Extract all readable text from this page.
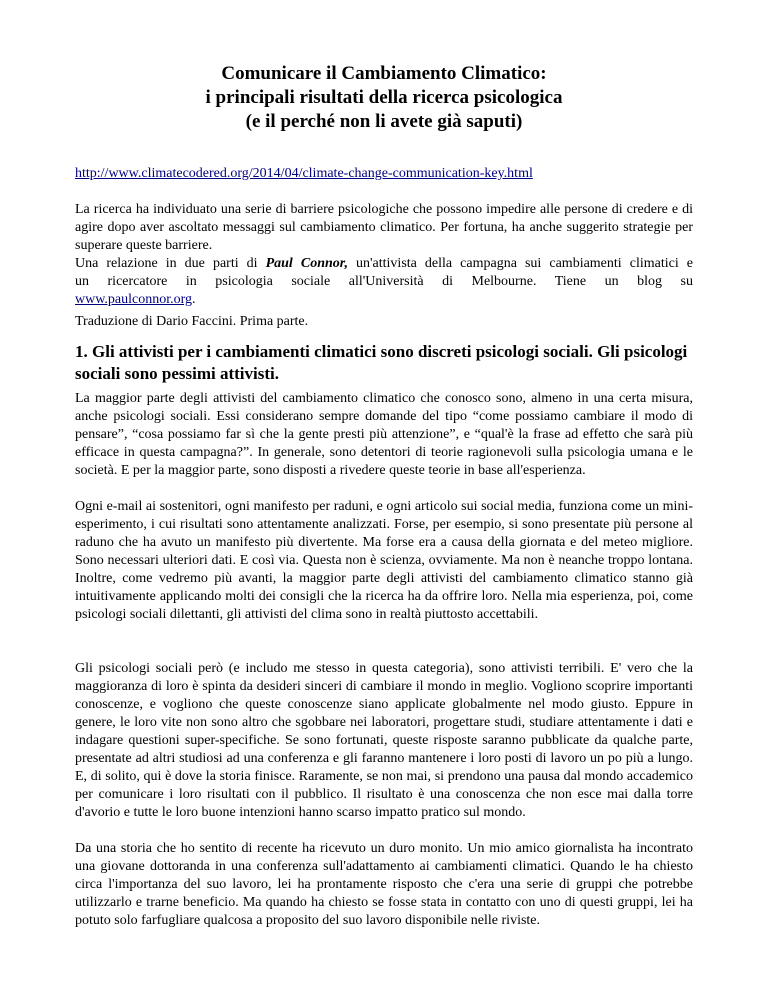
Comunicare il Cambiamento Climatico:
i principali risultati della ricerca psicologica
(e il perché non li avete già saputi)

http://www.climatecodered.org/2014/04/climate-change-communication-key.html

La ricerca ha individuato una serie di barriere psicologiche che possono impedire alle persone di credere e di agire dopo aver ascoltato messaggi sul cambiamento climatico. Per fortuna, ha anche suggerito strategie per superare queste barriere.

Una relazione in due parti di Paul Connor, un'attivista della campagna sui cambiamenti climatici e

un ricercatore in psicologia sociale all'Università di Melbourne. Tiene un blog su

www.paulconnor.org.

Traduzione di Dario Faccini. Prima parte.

1. Gli attivisti per i cambiamenti climatici sono discreti psicologi sociali. Gli psicologi sociali sono pessimi attivisti.

La maggior parte degli attivisti del cambiamento climatico che conosco sono, almeno in una certa misura, anche psicologi sociali. Essi considerano sempre domande del tipo “come possiamo cambiare il modo di pensare”, “cosa possiamo far sì che la gente presti più attenzione”, e “qual'è la frase ad effetto che sarà più efficace in questa campagna?”. In generale, sono detentori di teorie ragionevoli sulla psicologia umana e le società. E per la maggior parte, sono disposti a rivedere queste teorie in base all'esperienza.

Ogni e-mail ai sostenitori, ogni manifesto per raduni, e ogni articolo sui social media, funziona come un mini-esperimento, i cui risultati sono attentamente analizzati. Forse, per esempio, si sono presentate più persone al raduno che ha avuto un manifesto più divertente. Ma forse era a causa della giornata e del meteo migliore. Sono necessari ulteriori dati. E così via. Questa non è scienza, ovviamente. Ma non è neanche troppo lontana. Inoltre, come vedremo più avanti, la maggior parte degli attivisti del cambiamento climatico stanno già intuitivamente applicando molti dei consigli che la ricerca ha da offrire loro. Nella mia esperienza, poi, come psicologi sociali dilettanti, gli attivisti del clima sono in realtà piuttosto accettabili.

Gli psicologi sociali però (e includo me stesso in questa categoria), sono attivisti terribili. E' vero che la maggioranza di loro è spinta da desideri sinceri di cambiare il mondo in meglio. Vogliono scoprire importanti conoscenze, e vogliono che queste conoscenze siano applicate globalmente nel modo giusto. Eppure in genere, le loro vite non sono altro che sgobbare nei laboratori, progettare studi, studiare attentamente i dati e indagare questioni super-specifiche. Se sono fortunati, queste risposte saranno pubblicate da qualche parte, presentate ad altri studiosi ad una conferenza e gli faranno mantenere i loro posti di lavoro un po più a lungo. E, di solito, qui è dove la storia finisce. Raramente, se non mai, si prendono una pausa dal mondo accademico per comunicare i loro risultati con il pubblico. Il risultato è una conoscenza che non esce mai dalla torre d'avorio e tutte le loro buone intenzioni hanno scarso impatto pratico sul mondo.

Da una storia che ho sentito di recente ha ricevuto un duro monito. Un mio amico giornalista ha incontrato una giovane dottoranda in una conferenza sull'adattamento ai cambiamenti climatici. Quando le ha chiesto circa l'importanza del suo lavoro, lei ha prontamente risposto che c'era una serie di gruppi che potrebbe utilizzarlo e trarne beneficio. Ma quando ha chiesto se fosse stata in contatto con uno di questi gruppi, lei ha potuto solo farfugliare qualcosa a proposito del suo lavoro disponibile nelle riviste.
